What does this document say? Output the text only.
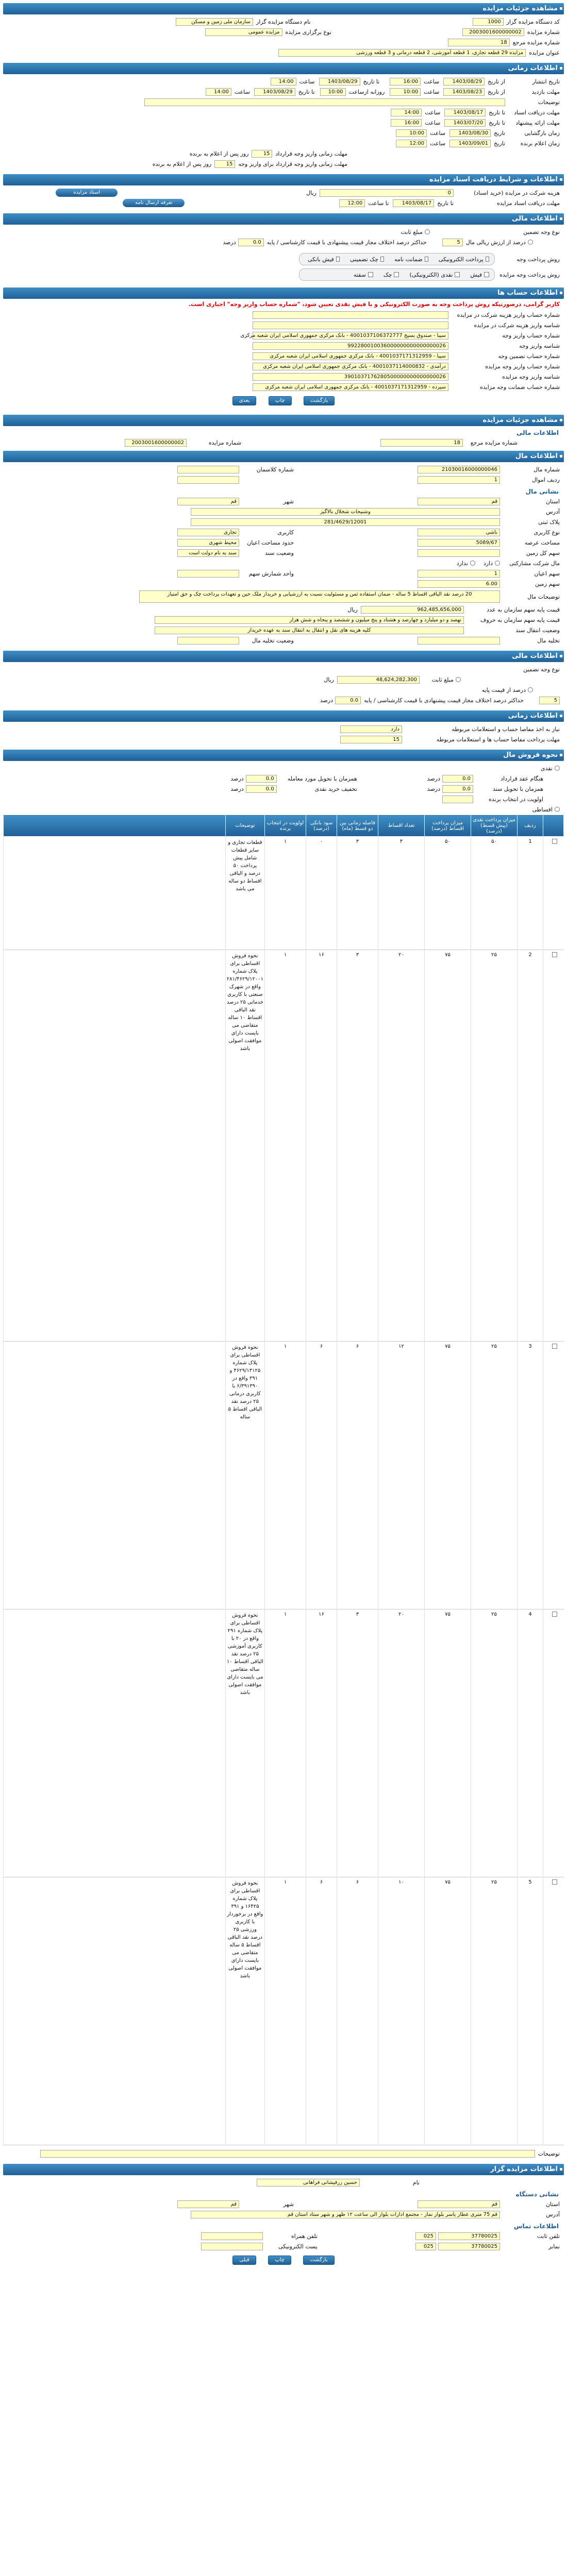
مشاهده جزئیات مزایده
کد دستگاه مزایده گزار
1000
نام دستگاه مزایده گزار
سازمان ملی زمین و مسکن
شماره مزایده
2003001600000002
نوع برگزاری مزایده
مزایده عمومی
شماره مزایده مرجع
18
عنوان مزایده
مزایده 29 قطعه تجاری، 1 قطعه آموزشی، 2 قطعه درمانی و 3 قطعه ورزشی
اطلاعات زمانی
تاریخ انتشار
از تاریخ
1403/08/29
ساعت
16:00
تا تاریخ
1403/08/29
ساعت
14:00
مهلت بازدید
از تاریخ
1403/08/23
ساعت
10:00
روزانه ازساعت
10:00
تا تاریخ
1403/08/29
ساعت
14:00
توضیحات
مهلت دریافت اسناد
تا تاریخ
1403/08/17
ساعت
14:00
مهلت ارائه پیشنهاد
تا تاریخ
1403/07/20
ساعت
16:00
زمان بازگشایی
تاریخ
1403/08/30
ساعت
10:00
زمان اعلام برنده
تاریخ
1403/09/01
ساعت
12:00
مهلت زمانی واریز وجه قرارداد
15
روز پس از اعلام به برنده
مهلت زمانی واریز وجه قرارداد برای واریز وجه
15
روز پس از اعلام به برنده
اطلاعات و شرایط دریافت اسناد مزایده
هزینه شرکت در مزایده (خرید اسناد)
0
ریال
اسناد مزایده
مهلت دریافت اسناد مزایده
تا تاریخ
1403/08/17
تا ساعت
12:00
تعرفه ارسال نامه
اطلاعات مالی
نوع وجه تضمین
درصد از ارزش ریالی مال
5
حداکثر درصد اختلاف مجاز قیمت پیشنهادی با قیمت کارشناسی / پایه
0.0
درصد
مبلغ ثابت
روش پرداخت وجه
پرداخت الکترونیکی
ضمانت نامه
چک تضمینی
فیش بانکی
روش پرداخت وجه مزایده
فیش
نقدی (الکترونیکی)
چک
سفته
اطلاعات حساب ها
کاربر گرامی، درصورتیکه روش پرداخت وجه به صورت الکترونیکی و یا فیش نقدی تعیین شود، "شماره حساب واریز وجه" اجباری است.
شماره حساب واریز هزینه شرکت در مزایده
شناسه واریز هزینه شرکت در مزایده
شماره حساب واریز وجه
سیبا - صندوق بسیج 4001037106372777 - بانک مرکزی جمهوری اسلامی ایران شعبه مرکزی
شناسه واریز وجه
992280010036000000000000000026
شماره حساب تضمین وجه
سیبا - 4001037171312959 - بانک مرکزی جمهوری اسلامی ایران شعبه مرکزی
شماره حساب واریز وجه مزایده
درآمدی - 4001037114000832 - بانک مرکزی جمهوری اسلامی ایران شعبه مرکزی
شناسه واریز وجه مزایده
3901037176280500000000000000026
شماره حساب ضمانت وجه مزایده
سپرده - 4001037171312959 - بانک مرکزی جمهوری اسلامی ایران شعبه مرکزی
بازگشت چاپ بعدی
مشاهده جزئیات مزایده
اطلاعات مالی
شماره مزایده مرجع
18
شماره مزایده
2003001600000002
اطلاعات مال
شماره مال
21030016000000046
شماره کلاسمان
ردیف اموال
1
نشانی مال
استان
قم
شهر
قم
آدرس
وشنیحات شخلال بالاگیز
پلاک ثبتی
281/4629/12001
نوع کاربری
ناشی
کاربری
تجاری
مساحت عرصه
5089/67
حدود مساحت اعیان
محیط شهری
سهم کل زمین
وضعیت سند
سند به نام دولت است
مال شرکت مشارکتی
دارد
ندارد
سهم اعیان
1
واحد شمارش سهم
سهم زمین
6.00
توضیحات مال
20 درصد نقد الباقی اقساط 5 ساله - ضمان استفاده ثمن و مسئولیت نسبت به ارزشیابی و خریدار ملک حین و تعهدات پرداخت چک و حق امتیاز
قیمت پایه سهم سازمان به عدد
962,485,656,000
ریال
قیمت پایه سهم سازمان به حروف
نهصد و دو میلیارد و چهارصد و هشتاد و پنج میلیون و ششصد و پنجاه و شش هزار
وضعیت انتقال سند
کلیه هزینه های نقل و انتقال به انتقال سند به عهده خریدار
تخلیه مال
وضعیت تخلیه مال
اطلاعات مالی
نوع وجه تضمین
مبلغ ثابت
48,624,282,300
ریال
درصد از قیمت پایه
5
حداکثر درصد اختلاف مجاز قیمت پیشنهادی با قیمت کارشناسی / پایه
0.0
درصد
اطلاعات زمانی
نیاز به اخذ مفاصا حساب و استعلامات مربوطه
دارد
مهلت پرداخت مفاصا حساب ها و استعلامات مربوطه
15
نحوه فروش مال
نقدی
هنگام عقد قرارداد
0.0
درصد
همزمان با تحویل مورد معامله
0.0
درصد
همزمان با تحویل سند
0.0
درصد
تخفیف خرید نقدی
0.0
درصد
اولویت در انتخاب برنده
اقساطی
	ردیف	میزان پرداخت نقدی (پیش قسط) (درصد)	میزان پرداخت اقساط (درصد)	تعداد اقساط	فاصله زمانی بین دو قسط (ماه)	سود بانکی (درصد)	اولویت در انتخاب برنده	توضیحات	
	1	۵۰	۵۰	۴	۳	۰	۱	قطعات تجاری و سایر قطعات شامل پیش پرداخت ۵۰ درصد و الباقی اقساط دو ساله می باشد	
	2	۲۵	۷۵	۲۰	۳	۱۶	۱	نحوه فروش اقساطی برای پلاک شماره ۲۸۱/۴۶۲۹/۱۲۰۰۱ واقع در شهرک صنعتی با کاربری خدماتی ۲۵ درصد نقد الباقی اقساط ۱۰ ساله متقاضی می بایست دارای موافقت اصولی باشد	
	3	۲۵	۷۵	۱۲	۶	۶	۱	نحوه فروش اقساطی برای پلاک شماره ۴۶۲۹/۱۳۱۲۵ و ۳۹۱ واقع در ۶/۳۹۱۳۹۰ با کاربری درمانی ۲۵ درصد نقد الباقی اقساط ۵ ساله	
	4	۲۵	۷۵	۲۰	۳	۱۶	۱	نحوه فروش اقساطی برای پلاک شماره ۲۹۱ واقع در ۲۰ با کاربری آموزشی ۲۵ درصد نقد الباقی اقساط ۱۰ ساله متقاضی می بایست دارای موافقت اصولی باشد	
	5	۲۵	۷۵	۱۰	۶	۶	۱	نحوه فروش اقساطی برای پلاک شماره ۱۶۴۲۵ و ۳۹۱ واقع در برخوردار با کاربری ورزشی ۲۵ درصد نقد الباقی اقساط ۵ ساله متقاضی می بایست دارای موافقت اصولی باشد	
توضیحات
اطلاعات مزایده گزار
نام
حسین زرفیشانی فراهانی
نشانی دستگاه
استان
قم
شهر
قم
آدرس
قم 75 متری عطار یاسر بلوار نماز - مجتمع ادارات بلوار الی ساعت ۱۲ ظهر و شهر ستاد استان قم
اطلاعات تماس
تلفن ثابت
37780025
025
تلفن همراه
نمابر
37780025
025
پست الکترونیکی
بازگشت چاپ قبلی
